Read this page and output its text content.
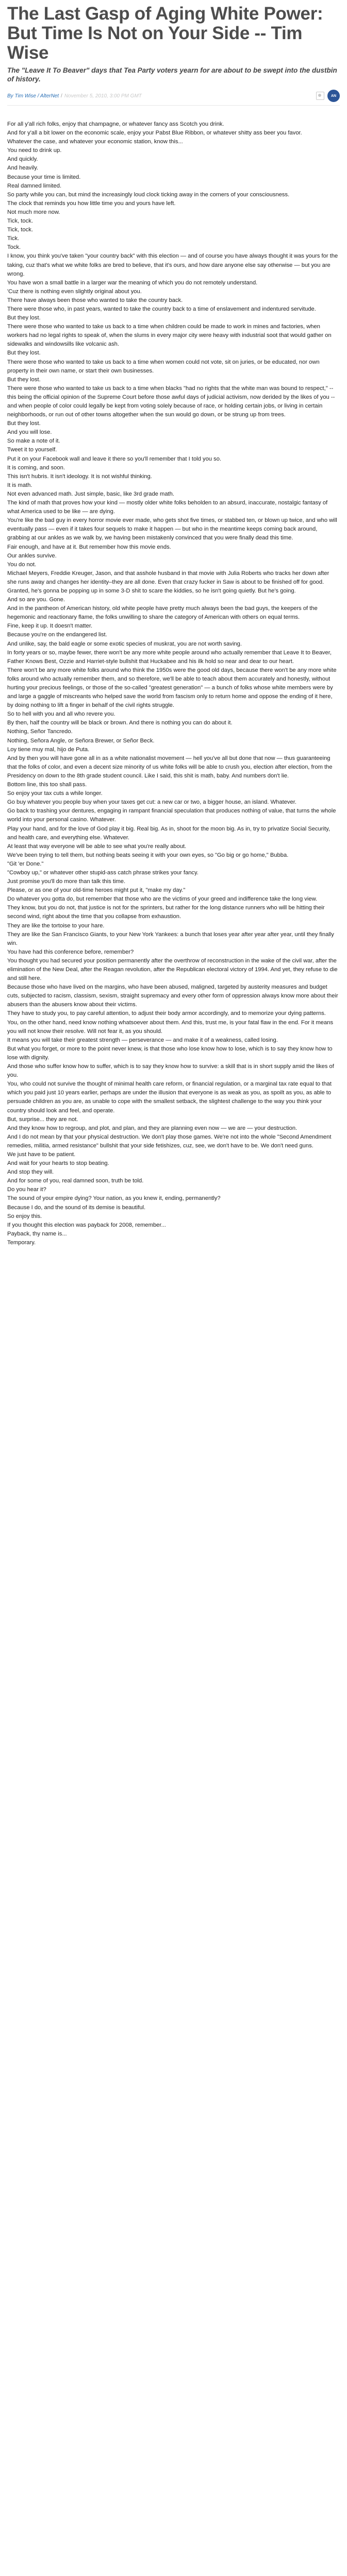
The Last Gasp of Aging White Power: But Time Is Not on Your Side -- Tim Wise
The "Leave It To Beaver" days that Tea Party voters yearn for are about to be swept into the dustbin of history.
By Tim Wise / AlterNet / November 5, 2010, 3:00 PM GMT	AN

For all y'all rich folks, enjoy that champagne, or whatever fancy ass Scotch you drink.

And for y'all a bit lower on the economic scale, enjoy your Pabst Blue Ribbon, or whatever shitty ass beer you favor.

Whatever the case, and whatever your economic station, know this...

You need to drink up.

And quickly.

And heavily.

Because your time is limited.

Real damned limited.

So party while you can, but mind the increasingly loud clock ticking away in the corners of your consciousness.

The clock that reminds you how little time you and yours have left.

Not much more now.

Tick, tock.

Tick, tock.

Tick.

Tock.

I know, you think you've taken "your country back" with this election — and of course you have always thought it was yours for the taking, cuz that's what we white folks are bred to believe, that it's ours, and how dare anyone else say otherwise — but you are wrong.

You have won a small battle in a larger war the meaning of which you do not remotely understand.

'Cuz there is nothing even slightly original about you.

There have always been those who wanted to take the country back.

There were those who, in past years, wanted to take the country back to a time of enslavement and indentured servitude.

But they lost.

There were those who wanted to take us back to a time when children could be made to work in mines and factories, when workers had no legal rights to speak of, when the slums in every major city were heavy with industrial soot that would gather on sidewalks and windowsills like volcanic ash.

But they lost.

There were those who wanted to take us back to a time when women could not vote, sit on juries, or be educated, nor own property in their own name, or start their own businesses.

But they lost.

There were those who wanted to take us back to a time when blacks "had no rights that the white man was bound to respect," -- this being the official opinion of the Supreme Court before those awful days of judicial activism, now derided by the likes of you -- and when people of color could legally be kept from voting solely because of race, or holding certain jobs, or living in certain neighborhoods, or run out of other towns altogether when the sun would go down, or be strung up from trees.

But they lost.

And you will lose.

So make a note of it.

Tweet it to yourself.

Put it on your Facebook wall and leave it there so you'll remember that I told you so.

It is coming, and soon.

This isn't hubris. It isn't ideology. It is not wishful thinking.

It is math.

Not even advanced math. Just simple, basic, like 3rd grade math.

The kind of math that proves how your kind — mostly older white folks beholden to an absurd, inaccurate, nostalgic fantasy of what America used to be like — are dying.

You're like the bad guy in every horror movie ever made, who gets shot five times, or stabbed ten, or blown up twice, and who will eventually pass — even if it takes four sequels to make it happen — but who in the meantime keeps coming back around, grabbing at our ankles as we walk by, we having been mistakenly convinced that you were finally dead this time.

Fair enough, and have at it. But remember how this movie ends.

Our ankles survive.

You do not.

Michael Meyers, Freddie Kreuger, Jason, and that asshole husband in that movie with Julia Roberts who tracks her down after she runs away and changes her identity–they are all done. Even that crazy fucker in Saw is about to be finished off for good. Granted, he's gonna be popping up in some 3-D shit to scare the kiddies, so he isn't going quietly. But he's going.

And so are you. Gone.

And in the pantheon of American history, old white people have pretty much always been the bad guys, the keepers of the hegemonic and reactionary flame, the folks unwilling to share the category of American with others on equal terms.

Fine, keep it up. It doesn't matter.

Because you're on the endangered list.

And unlike, say, the bald eagle or some exotic species of muskrat, you are not worth saving.

In forty years or so, maybe fewer, there won't be any more white people around who actually remember that Leave It to Beaver, Father Knows Best, Ozzie and Harriet-style bullshit that Huckabee and his ilk hold so near and dear to our heart.

There won't be any more white folks around who think the 1950s were the good old days, because there won't be any more white folks around who actually remember them, and so therefore, we'll be able to teach about them accurately and honestly, without hurting your precious feelings, or those of the so-called "greatest generation" — a bunch of folks whose white members were by and large a gaggle of miscreants who helped save the world from fascism only to return home and oppose the ending of it here, by doing nothing to lift a finger in behalf of the civil rights struggle.

So to hell with you and all who revere you.

By then, half the country will be black or brown. And there is nothing you can do about it.

Nothing, Señor Tancredo.

Nothing, Señora Angle, or Señora Brewer, or Señor Beck.

Loy tiene muy mal, hijo de Puta.

And by then you will have gone all in as a white nationalist movement — hell you've all but done that now — thus guaranteeing that the folks of color, and even a decent size minority of us white folks will be able to crush you, election after election, from the Presidency on down to the 8th grade student council. Like I said, this shit is math, baby. And numbers don't lie.

Bottom line, this too shall pass.

So enjoy your tax cuts a while longer.

Go buy whatever you people buy when your taxes get cut: a new car or two, a bigger house, an island. Whatever.

Go back to trashing your dentures, engaging in rampant financial speculation that produces nothing of value, that turns the whole world into your personal casino. Whatever.

Play your hand, and for the love of God play it big. Real big. As in, shoot for the moon big. As in, try to privatize Social Security, and health care, and everything else. Whatever.

At least that way everyone will be able to see what you're really about.

We've been trying to tell them, but nothing beats seeing it with your own eyes, so "Go big or go home," Bubba.

"Git 'er Done."

"Cowboy up," or whatever other stupid-ass catch phrase strikes your fancy.

Just promise you'll do more than talk this time.

Please, or as one of your old-time heroes might put it, "make my day."

Do whatever you gotta do, but remember that those who are the victims of your greed and indifference take the long view.

They know, but you do not, that justice is not for the sprinters, but rather for the long distance runners who will be hitting their second wind, right about the time that you collapse from exhaustion.

They are like the tortoise to your hare.

They are like the San Francisco Giants, to your New York Yankees: a bunch that loses year after year after year, until they finally win.

You have had this conference before, remember?

You thought you had secured your position permanently after the overthrow of reconstruction in the wake of the civil war, after the elimination of the New Deal, after the Reagan revolution, after the Republican electoral victory of 1994. And yet, they refuse to die and still here.

Because those who have lived on the margins, who have been abused, maligned, targeted by austerity measures and budget cuts, subjected to racism, classism, sexism, straight supremacy and every other form of oppression always know more about their abusers than the abusers know about their victims.

They have to study you, to pay careful attention, to adjust their body armor accordingly, and to memorize your dying patterns.

You, on the other hand, need know nothing whatsoever about them. And this, trust me, is your fatal flaw in the end. For it means you will not know their resolve. Will not fear it, as you should.

It means you will take their greatest strength — perseverance — and make it of a weakness, called losing.

But what you forget, or more to the point never knew, is that those who lose know how to lose, which is to say they know how to lose with dignity.

And those who suffer know how to suffer, which is to say they know how to survive: a skill that is in short supply amid the likes of you.

You, who could not survive the thought of minimal health care reform, or financial regulation, or a marginal tax rate equal to that which you paid just 10 years earlier, perhaps are under the illusion that everyone is as weak as you, as spoilt as you, as able to persuade children as you are, as unable to cope with the smallest setback, the slightest challenge to the way you think your country should look and feel, and operate.

But, surprise... they are not.

And they know how to regroup, and plot, and plan, and they are planning even now — we are — your destruction.

And I do not mean by that your physical destruction. We don't play those games. We're not into the whole "Second Amendment remedies, militia, armed resistance" bullshit that your side fetishizes, cuz, see, we don't have to be. We don't need guns.

We just have to be patient.

And wait for your hearts to stop beating.

And stop they will.

And for some of you, real damned soon, truth be told.

Do you hear it?

The sound of your empire dying? Your nation, as you knew it, ending, permanently?

Because I do, and the sound of its demise is beautiful.

So enjoy this.

If you thought this election was payback for 2008, remember...

Payback, thy name is...

Temporary.
